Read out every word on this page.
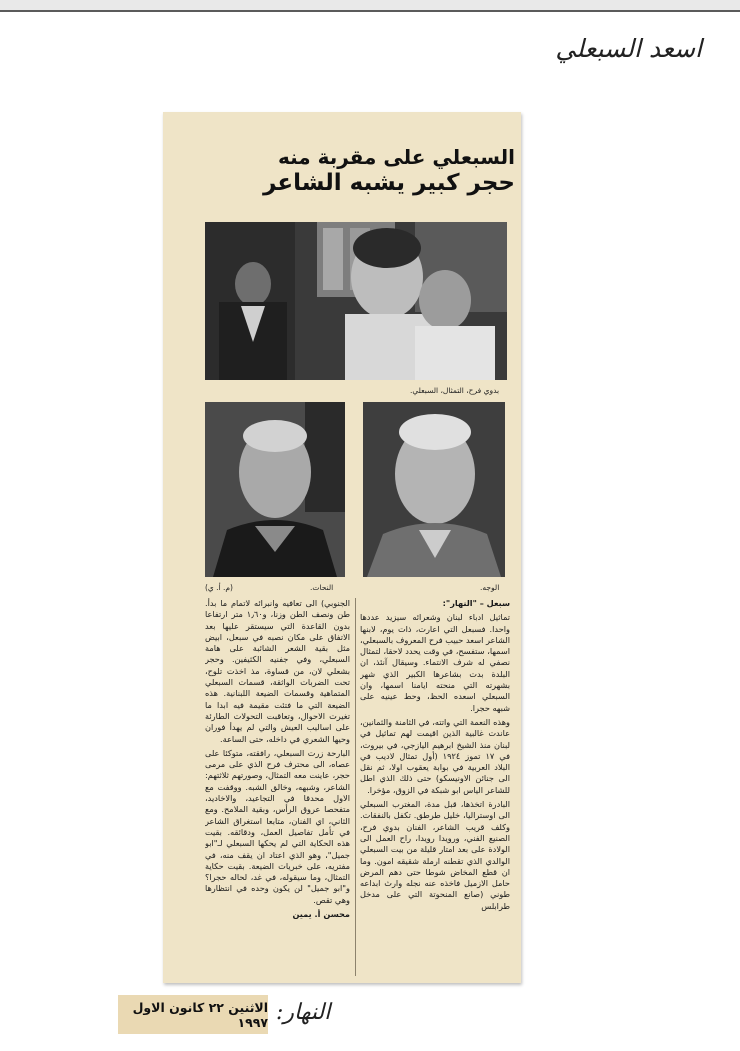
اسعد السبعلي
السبعلي على مقربة منه
حجر كبير يشبه الشاعر
بدوي فرح، التمثال، السبعلي.
النحات.
(م. أ. ي)	الوجه.

سبعل – "النهار":

تماثيل ادباء لبنان وشعرائه سيزيد عددها واحدا. فسبعل التي اعارت، ذات يوم، لابنها الشاعر اسعد حبيب فرح المعروف بالسبعلي، اسمها، ستفسح، في وقت يحدد لاحقا، لتمثال نصفي له شرف الانتماء. وسيقال آنئذ، ان البلدة بدت بشاعرها الكبير الذي شهر بشهرته التي منحته ايامنا اسمها، وان السبعلي اسعده الحظ، وحط عينيه على شبهه حجرا.

وهذه النعمة التي واتته، في الثامنة والثمانين، عاندت غالبية الذين اقيمت لهم تماثيل في لبنان منذ الشيخ ابرهيم اليازجي، في بيروت، في ١٧ تموز ١٩٢٤ (أول تمثال لاديب في البلاد العربية في بوابة يعقوب اولا، ثم نقل الى جنائن الاونيسكو) حتى ذلك الذي اطل للشاعر الياس ابو شبكة في الزوق، مؤخرا.

البادرة اتخذها، قبل مدة، المغترب السبعلي الى اوستراليا، خليل طرطق. تكفل بالنفقات. وكلف قريب الشاعر، الفنان بدوي فرح، الصنيع الفني، ورويدا رويدا، راح العمل الى الولادة على بعد امتار قليلة من بيت السبعلي الوالدي الذي تقطنه ارملة شقيقه امون. وما ان قطع المخاض شوطا حتى دهم المرض حامل الازميل فاخذه عنه نجله وارث ابداعه طوني (صانع المنحوتة التي على مدخل طرابلس

الجنوبي) الى تعافيه وانبرائه لاتمام ما بدأ. طن ونصف الطن وزنا، و١٫٦٠ متر ارتفاعا بدون القاعدة التي سيستقر عليها بعد الاتفاق على مكان نصبه في سبعل، ابيض مثل بقية الشعر الشائبة على هامة السبعلي، وفي جفنيه الكثيفين. وحجر بشعلي لان، من قساوة، مذ اخذت تلوح، تحت الضربات الواثقة، قسمات السبعلي المتماهية وقسمات الضيعة اللبنانية. هذه الضيعة التي ما فتئت مقيمة فيه ابدا ما تغيرت الاحوال، وتعاقبت التحولات الطارئة على اساليب العيش والتي لم يهدأ فوران وحيها الشعري في داخله، حتى الساعة.

البارحة زرت السبعلي، رافقته، متوكئا على عصاه، الى محترف فرح الذي على مرمى حجر، عاينت معه التمثال، وصورتهم ثلاثتهم: الشاعر، وشبهه، وخالق الشبه. ووقفت مع الاول محدقا في التجاعيد، والاخاديد، متفحصا عروق الرأس، وبقية الملامح. ومع الثاني، اي الفنان، متابعا استغراق الشاعر في تأمل تفاصيل العمل، ودقائقه. بقيت هذه الحكاية التي لم يحكها السبعلي لـ"ابو جميل"، وهو الذي اعتاد ان يقف منه، في مفتريه، على خبريات الضيعة. بقيت حكاية التمثال، وما سيقوله، في غد، لحاله حجرا؟ و"ابو جميل" لن يكون وحده في انتظارها وهي تقص.

محسن أ. يمين
النهار:
الاثنين ٢٢ كانون الاول ١٩٩٧
